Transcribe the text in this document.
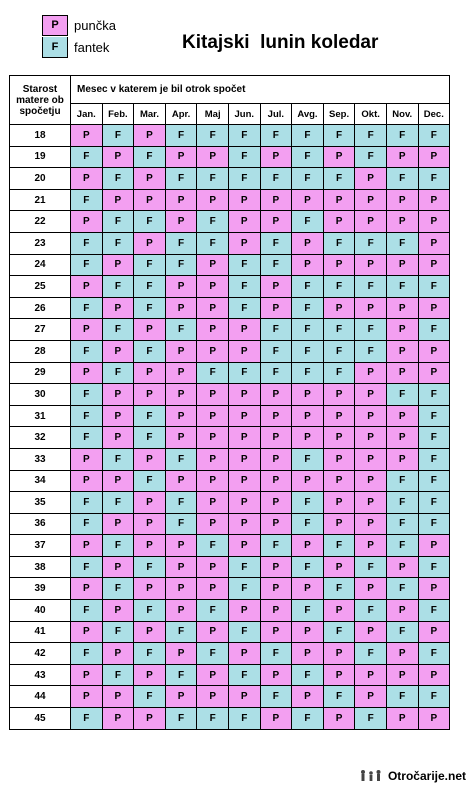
P	punčka
F	fantek	Kitajski  lunin koledar
Starost matere ob spočetju	Mesec v katerem je bil otrok spočet											
	Jan.	Feb.	Mar.	Apr.	Maj	Jun.	Jul.	Avg.	Sep.	Okt.	Nov.	Dec.
18	P	F	P	F	F	F	F	F	F	F	F	F
19	F	P	F	P	P	F	P	F	P	F	P	P
20	P	F	P	F	F	F	F	F	F	P	F	F
21	F	P	P	P	P	P	P	P	P	P	P	P
22	P	F	F	P	F	P	P	F	P	P	P	P
23	F	F	P	F	F	P	F	P	F	F	F	P
24	F	P	F	F	P	F	F	P	P	P	P	P
25	P	F	F	P	P	F	P	F	F	F	F	F
26	F	P	F	P	P	F	P	F	P	P	P	P
27	P	F	P	F	P	P	F	F	F	F	P	F
28	F	P	F	P	P	P	F	F	F	F	P	P
29	P	F	P	P	F	F	F	F	F	P	P	P
30	F	P	P	P	P	P	P	P	P	P	F	F
31	F	P	F	P	P	P	P	P	P	P	P	F
32	F	P	F	P	P	P	P	P	P	P	P	F
33	P	F	P	F	P	P	P	F	P	P	P	F
34	P	P	F	P	P	P	P	P	P	P	F	F
35	F	F	P	F	P	P	P	F	P	P	F	F
36	F	P	P	F	P	P	P	F	P	P	F	F
37	P	F	P	P	F	P	F	P	F	P	F	P
38	F	P	F	P	P	F	P	F	P	F	P	F
39	P	F	P	P	P	F	P	P	F	P	F	P
40	F	P	F	P	F	P	P	F	P	F	P	F
41	P	F	P	F	P	F	P	P	F	P	F	P
42	F	P	F	P	F	P	F	P	P	F	P	F
43	P	F	P	F	P	F	P	F	P	P	P	P
44	P	P	F	P	P	P	F	P	F	P	F	F
45	F	P	P	F	F	F	P	F	P	F	P	P
Otročarije.net
